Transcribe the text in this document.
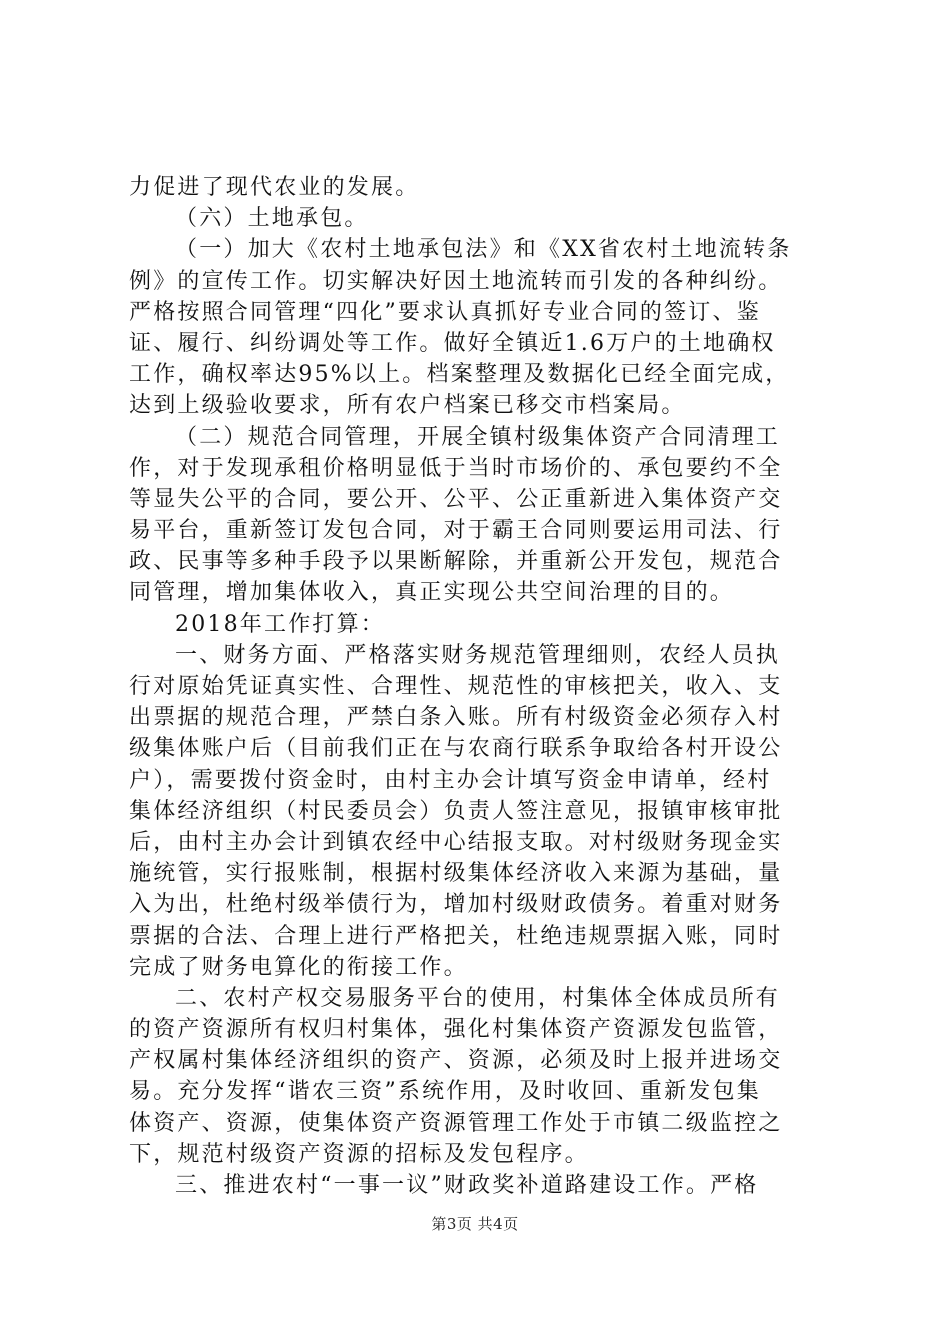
力促进了现代农业的发展。
（六）土地承包。
（一）加大《农村土地承包法》和《XX省农村土地流转条
例》的宣传工作。切实解决好因土地流转而引发的各种纠纷。
严格按照合同管理“四化”要求认真抓好专业合同的签订、鉴
证、履行、纠纷调处等工作。做好全镇近1.6万户的土地确权
工作，确权率达95%以上。档案整理及数据化已经全面完成，
达到上级验收要求，所有农户档案已移交市档案局。
（二）规范合同管理，开展全镇村级集体资产合同清理工
作，对于发现承租价格明显低于当时市场价的、承包要约不全
等显失公平的合同，要公开、公平、公正重新进入集体资产交
易平台，重新签订发包合同，对于霸王合同则要运用司法、行
政、民事等多种手段予以果断解除，并重新公开发包，规范合
同管理，增加集体收入，真正实现公共空间治理的目的。
2018年工作打算：
一、财务方面、严格落实财务规范管理细则，农经人员执
行对原始凭证真实性、合理性、规范性的审核把关，收入、支
出票据的规范合理，严禁白条入账。所有村级资金必须存入村
级集体账户后（目前我们正在与农商行联系争取给各村开设公
户），需要拨付资金时，由村主办会计填写资金申请单，经村
集体经济组织（村民委员会）负责人签注意见，报镇审核审批
后，由村主办会计到镇农经中心结报支取。对村级财务现金实
施统管，实行报账制，根据村级集体经济收入来源为基础，量
入为出，杜绝村级举债行为，增加村级财政债务。着重对财务
票据的合法、合理上进行严格把关，杜绝违规票据入账，同时
完成了财务电算化的衔接工作。
二、农村产权交易服务平台的使用，村集体全体成员所有
的资产资源所有权归村集体，强化村集体资产资源发包监管，
产权属村集体经济组织的资产、资源，必须及时上报并进场交
易。充分发挥“谐农三资”系统作用，及时收回、重新发包集
体资产、资源，使集体资产资源管理工作处于市镇二级监控之
下，规范村级资产资源的招标及发包程序。
三、推进农村“一事一议”财政奖补道路建设工作。严格
第3页 共4页
